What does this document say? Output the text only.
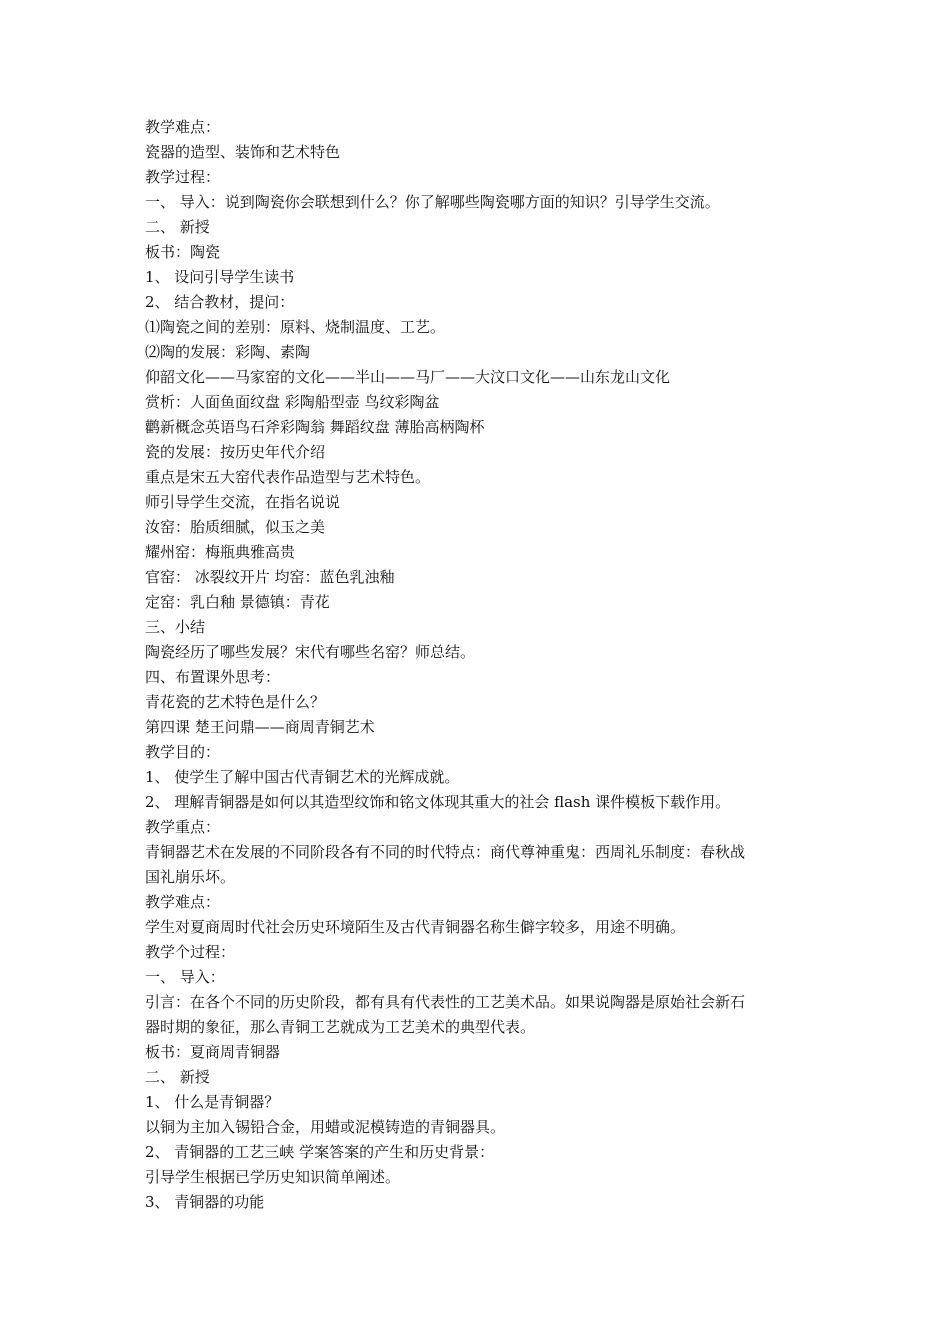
教学难点：
瓷器的造型、装饰和艺术特色
教学过程：
一、 导入：说到陶瓷你会联想到什么？你了解哪些陶瓷哪方面的知识？引导学生交流。
二、 新授
板书：陶瓷
1、 设问引导学生读书
2、 结合教材，提问：
⑴陶瓷之间的差别：原料、烧制温度、工艺。
⑵陶的发展：彩陶、素陶
仰韶文化——马家窑的文化——半山——马厂——大汶口文化——山东龙山文化
赏析：人面鱼面纹盘 彩陶船型壶 鸟纹彩陶盆
鹳新概念英语鸟石斧彩陶翁 舞蹈纹盘 薄胎高柄陶杯
瓷的发展：按历史年代介绍
重点是宋五大窑代表作品造型与艺术特色。
师引导学生交流，在指名说说
汝窑：胎质细腻，似玉之美
耀州窑：梅瓶典雅高贵
官窑： 冰裂纹开片 均窑：蓝色乳浊釉
定窑：乳白釉 景德镇：青花
三、小结
陶瓷经历了哪些发展？宋代有哪些名窑？师总结。
四、布置课外思考：
青花瓷的艺术特色是什么？
第四课 楚王问鼎——商周青铜艺术
教学目的：
1、 使学生了解中国古代青铜艺术的光辉成就。
2、 理解青铜器是如何以其造型纹饰和铭文体现其重大的社会 flash 课件模板下载作用。
教学重点：
青铜器艺术在发展的不同阶段各有不同的时代特点：商代尊神重鬼：西周礼乐制度：春秋战
国礼崩乐坏。
教学难点：
学生对夏商周时代社会历史环境陌生及古代青铜器名称生僻字较多，用途不明确。
教学个过程：
一、 导入：
引言：在各个不同的历史阶段，都有具有代表性的工艺美术品。如果说陶器是原始社会新石
器时期的象征，那么青铜工艺就成为工艺美术的典型代表。
板书：夏商周青铜器
二、 新授
1、 什么是青铜器？
以铜为主加入锡铅合金，用蜡或泥模铸造的青铜器具。
2、 青铜器的工艺三峡 学案答案的产生和历史背景：
引导学生根据已学历史知识简单阐述。
3、 青铜器的功能
